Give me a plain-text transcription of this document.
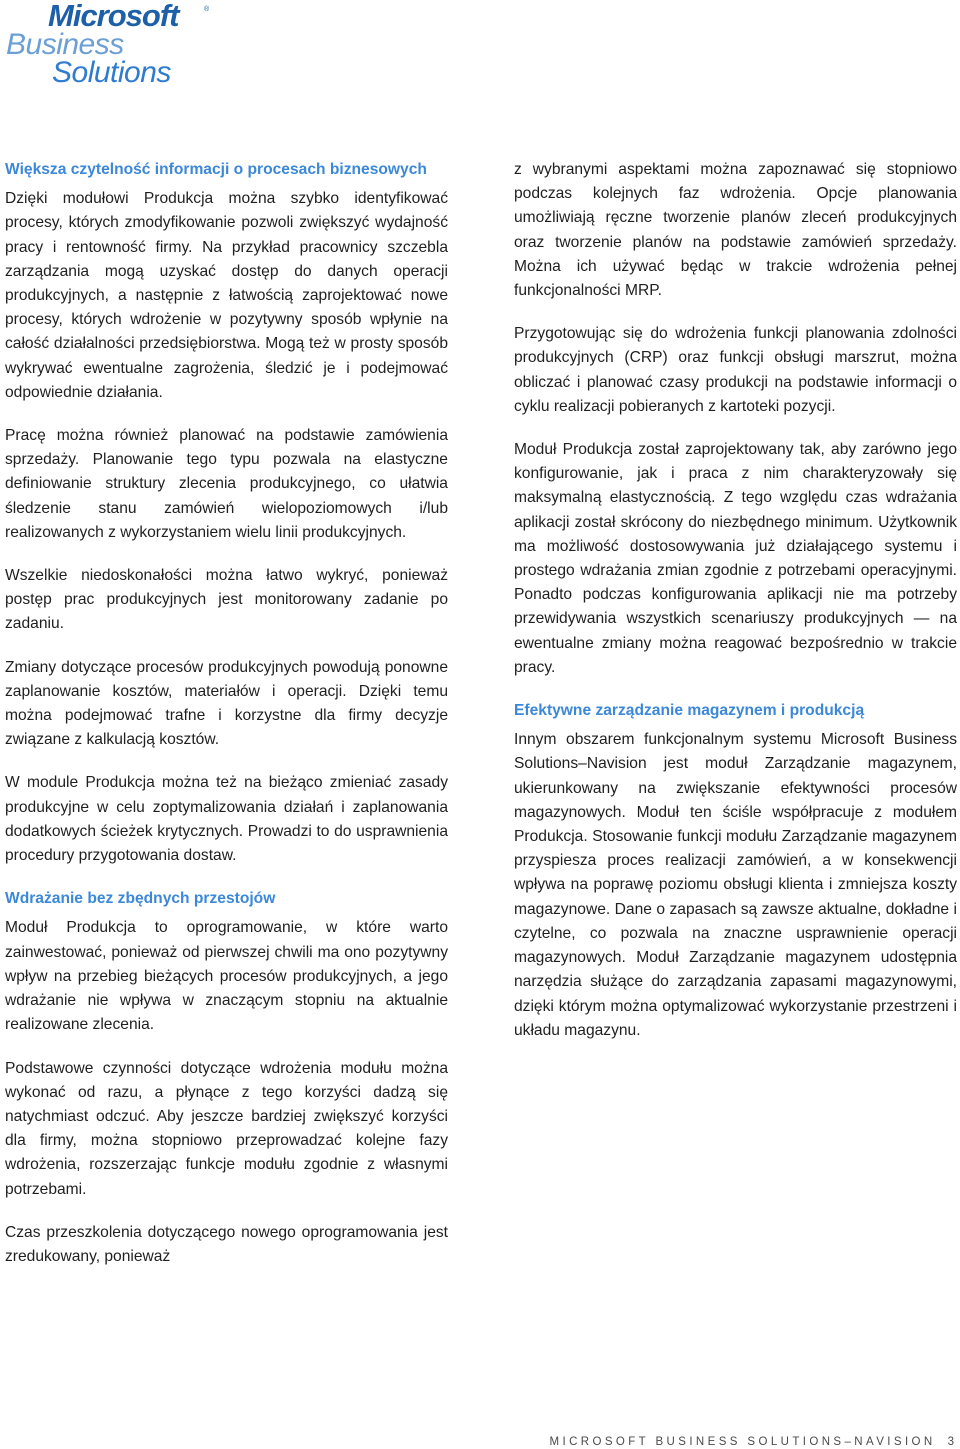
Microsoft	®
Business
Solutions
Większa czytelność informacji o procesach biznesowych

Dzięki modułowi Produkcja można szybko identyfikować procesy, których zmodyfikowanie pozwoli zwiększyć wydajność pracy i rentowność firmy. Na przykład pracownicy szczebla zarządzania mogą uzyskać dostęp do danych operacji produkcyjnych, a następnie z łatwością zaprojektować nowe procesy, których wdrożenie w pozytywny sposób wpłynie na całość działalności przedsiębiorstwa. Mogą też w prosty sposób wykrywać ewentualne zagrożenia, śledzić je i podejmować odpowiednie działania.

Pracę można również planować na podstawie zamówienia sprzedaży. Planowanie tego typu pozwala na elastyczne definiowanie struktury zlecenia produkcyjnego, co ułatwia śledzenie stanu zamówień wielopoziomowych i/lub realizowanych z wykorzystaniem wielu linii produkcyjnych.

Wszelkie niedoskonałości można łatwo wykryć, ponieważ postęp prac produkcyjnych jest monitorowany zadanie po zadaniu.

Zmiany dotyczące procesów produkcyjnych powodują ponowne zaplanowanie kosztów, materiałów i operacji. Dzięki temu można podejmować trafne i korzystne dla firmy decyzje związane z kalkulacją kosztów.

W module Produkcja można też na bieżąco zmieniać zasady produkcyjne w celu zoptymalizowania działań i zaplanowania dodatkowych ścieżek krytycznych. Prowadzi to do usprawnienia procedury przygotowania dostaw.

Wdrażanie bez zbędnych przestojów

Moduł Produkcja to oprogramowanie, w które warto zainwestować, ponieważ od pierwszej chwili ma ono pozytywny wpływ na przebieg bieżących procesów produkcyjnych, a jego wdrażanie nie wpływa w znaczącym stopniu na aktualnie realizowane zlecenia.

Podstawowe czynności dotyczące wdrożenia modułu można wykonać od razu, a płynące z tego korzyści dadzą się natychmiast odczuć. Aby jeszcze bardziej zwiększyć korzyści dla firmy, można stopniowo przeprowadzać kolejne fazy wdrożenia, rozszerzając funkcje modułu zgodnie z własnymi potrzebami.

Czas przeszkolenia dotyczącego nowego oprogramowania jest zredukowany, ponieważ

z wybranymi aspektami można zapoznawać się stopniowo podczas kolejnych faz wdrożenia. Opcje planowania umożliwiają ręczne tworzenie planów zleceń produkcyjnych oraz tworzenie planów na podstawie zamówień sprzedaży. Można ich używać będąc w trakcie wdrożenia pełnej funkcjonalności MRP.

Przygotowując się do wdrożenia funkcji planowania zdolności produkcyjnych (CRP) oraz funkcji obsługi marszrut, można obliczać i planować czasy produkcji na podstawie informacji o cyklu realizacji pobieranych z kartoteki pozycji.

Moduł Produkcja został zaprojektowany tak, aby zarówno jego konfigurowanie, jak i praca z nim charakteryzowały się maksymalną elastycznością. Z tego względu czas wdrażania aplikacji został skrócony do niezbędnego minimum. Użytkownik ma możliwość dostosowywania już działającego systemu i prostego wdrażania zmian zgodnie z potrzebami operacyjnymi. Ponadto podczas konfigurowania aplikacji nie ma potrzeby przewidywania wszystkich scenariuszy produkcyjnych — na ewentualne zmiany można reagować bezpośrednio w trakcie pracy.

Efektywne zarządzanie magazynem i produkcją

Innym obszarem funkcjonalnym systemu Microsoft Business Solutions–Navision jest moduł Zarządzanie magazynem, ukierunkowany na zwiększanie efektywności procesów magazynowych. Moduł ten ściśle współpracuje z modułem Produkcja. Stosowanie funkcji modułu Zarządzanie magazynem przyspiesza proces realizacji zamówień, a w konsekwencji wpływa na poprawę poziomu obsługi klienta i zmniejsza koszty magazynowe. Dane o zapasach są zawsze aktualne, dokładne i czytelne, co pozwala na znaczne usprawnienie operacji magazynowych. Moduł Zarządzanie magazynem udostępnia narzędzia służące do zarządzania zapasami magazynowymi, dzięki którym można optymalizować wykorzystanie przestrzeni i układu magazynu.

MICROSOFT BUSINESS SOLUTIONS–NAVISION 3
